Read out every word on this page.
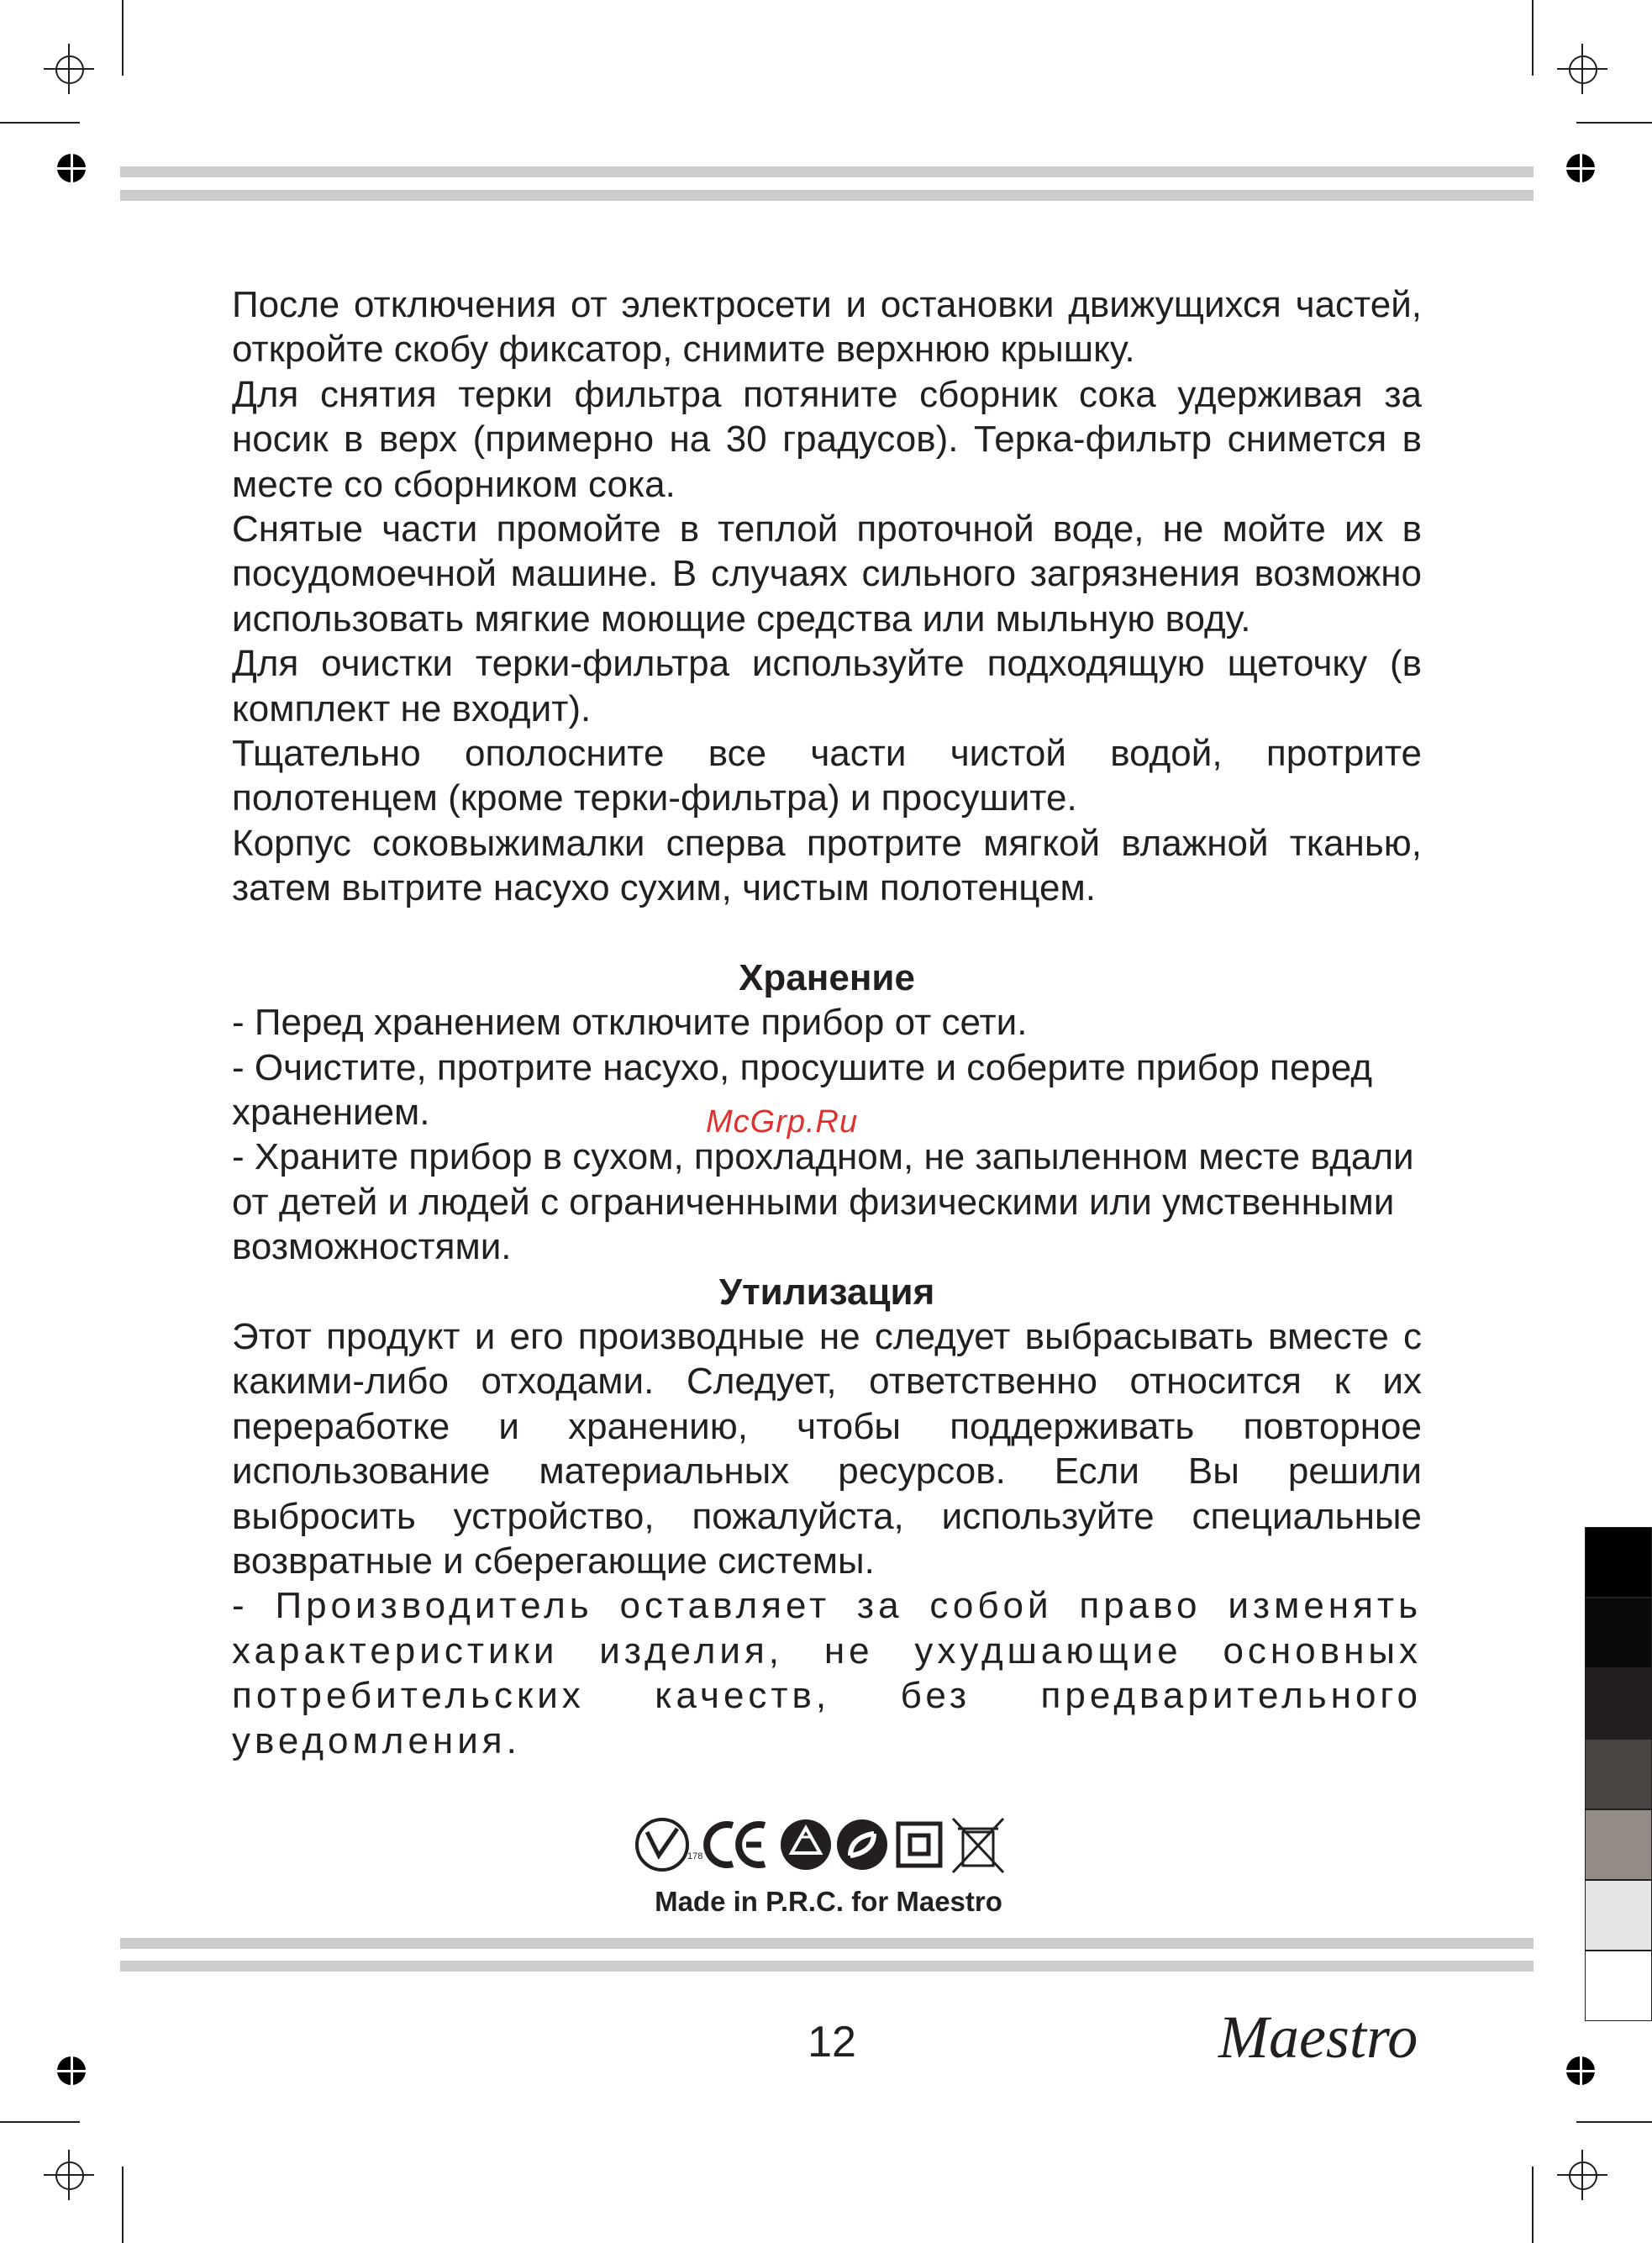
После отключения от электросети и остановки движущихся частей, откройте скобу фиксатор, снимите верхнюю крышку.

Для снятия терки фильтра потяните сборник сока удерживая за носик в верх (примерно на 30 градусов). Терка-фильтр снимется в месте со сборником сока.

Снятые части промойте в теплой проточной воде, не мойте их в посудомоечной машине. В случаях сильного загрязнения возможно использовать мягкие моющие средства или мыльную воду.

Для очистки терки-фильтра используйте подходящую щеточку (в комплект не входит).

Тщательно ополосните все части чистой водой, протрите полотенцем (кроме терки-фильтра) и просушите.

Корпус соковыжималки сперва протрите мягкой влажной тканью, затем вытрите насухо сухим, чистым полотенцем.

Хранение

- Перед хранением отключите прибор от сети.

- Очистите, протрите насухо, просушите и соберите прибор перед хранением.

- Храните прибор в сухом, прохладном, не запыленном месте вдали от детей и людей с ограниченными физическими или умственными возможностями.

Утилизация

Этот продукт и его производные не следует выбрасывать вместе с какими-либо отходами. Следует, ответственно относится к их переработке и хранению, чтобы поддерживать повторное использование материальных ресурсов. Если Вы решили выбросить устройство, пожалуйста, используйте специальные возвратные и сберегающие системы.

- Производитель оставляет за собой право изменять характеристики изделия, не ухудшающие основных потребительских качеств, без предварительного уведомления.

McGrp.Ru
178
Made in P.R.C. for Maestro
12	Maestro
